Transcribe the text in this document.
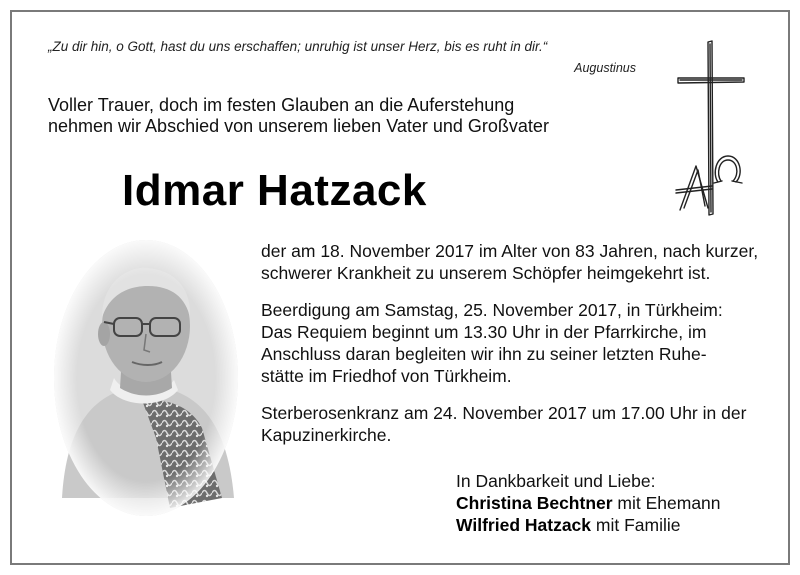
„Zu dir hin, o Gott, hast du uns erschaffen; unruhig ist unser Herz, bis es ruht in dir.“
Augustinus
Voller Trauer, doch im festen Glauben an die Auferstehung
nehmen wir Abschied von unserem lieben Vater und Großvater
Idmar Hatzack
der am 18. November 2017 im Alter von 83 Jahren, nach kurzer,
schwerer Krankheit zu unserem Schöpfer heimgekehrt ist.
Beerdigung am Samstag, 25. November 2017, in Türkheim:
Das Requiem beginnt um 13.30 Uhr in der Pfarrkirche, im
Anschluss daran begleiten wir ihn zu seiner letzten Ruhe-
stätte im Friedhof von Türkheim.
Sterberosenkranz am 24. November 2017 um 17.00 Uhr in der
Kapuzinerkirche.
In Dankbarkeit und Liebe:
Christina Bechtner mit Ehemann
Wilfried Hatzack mit Familie
